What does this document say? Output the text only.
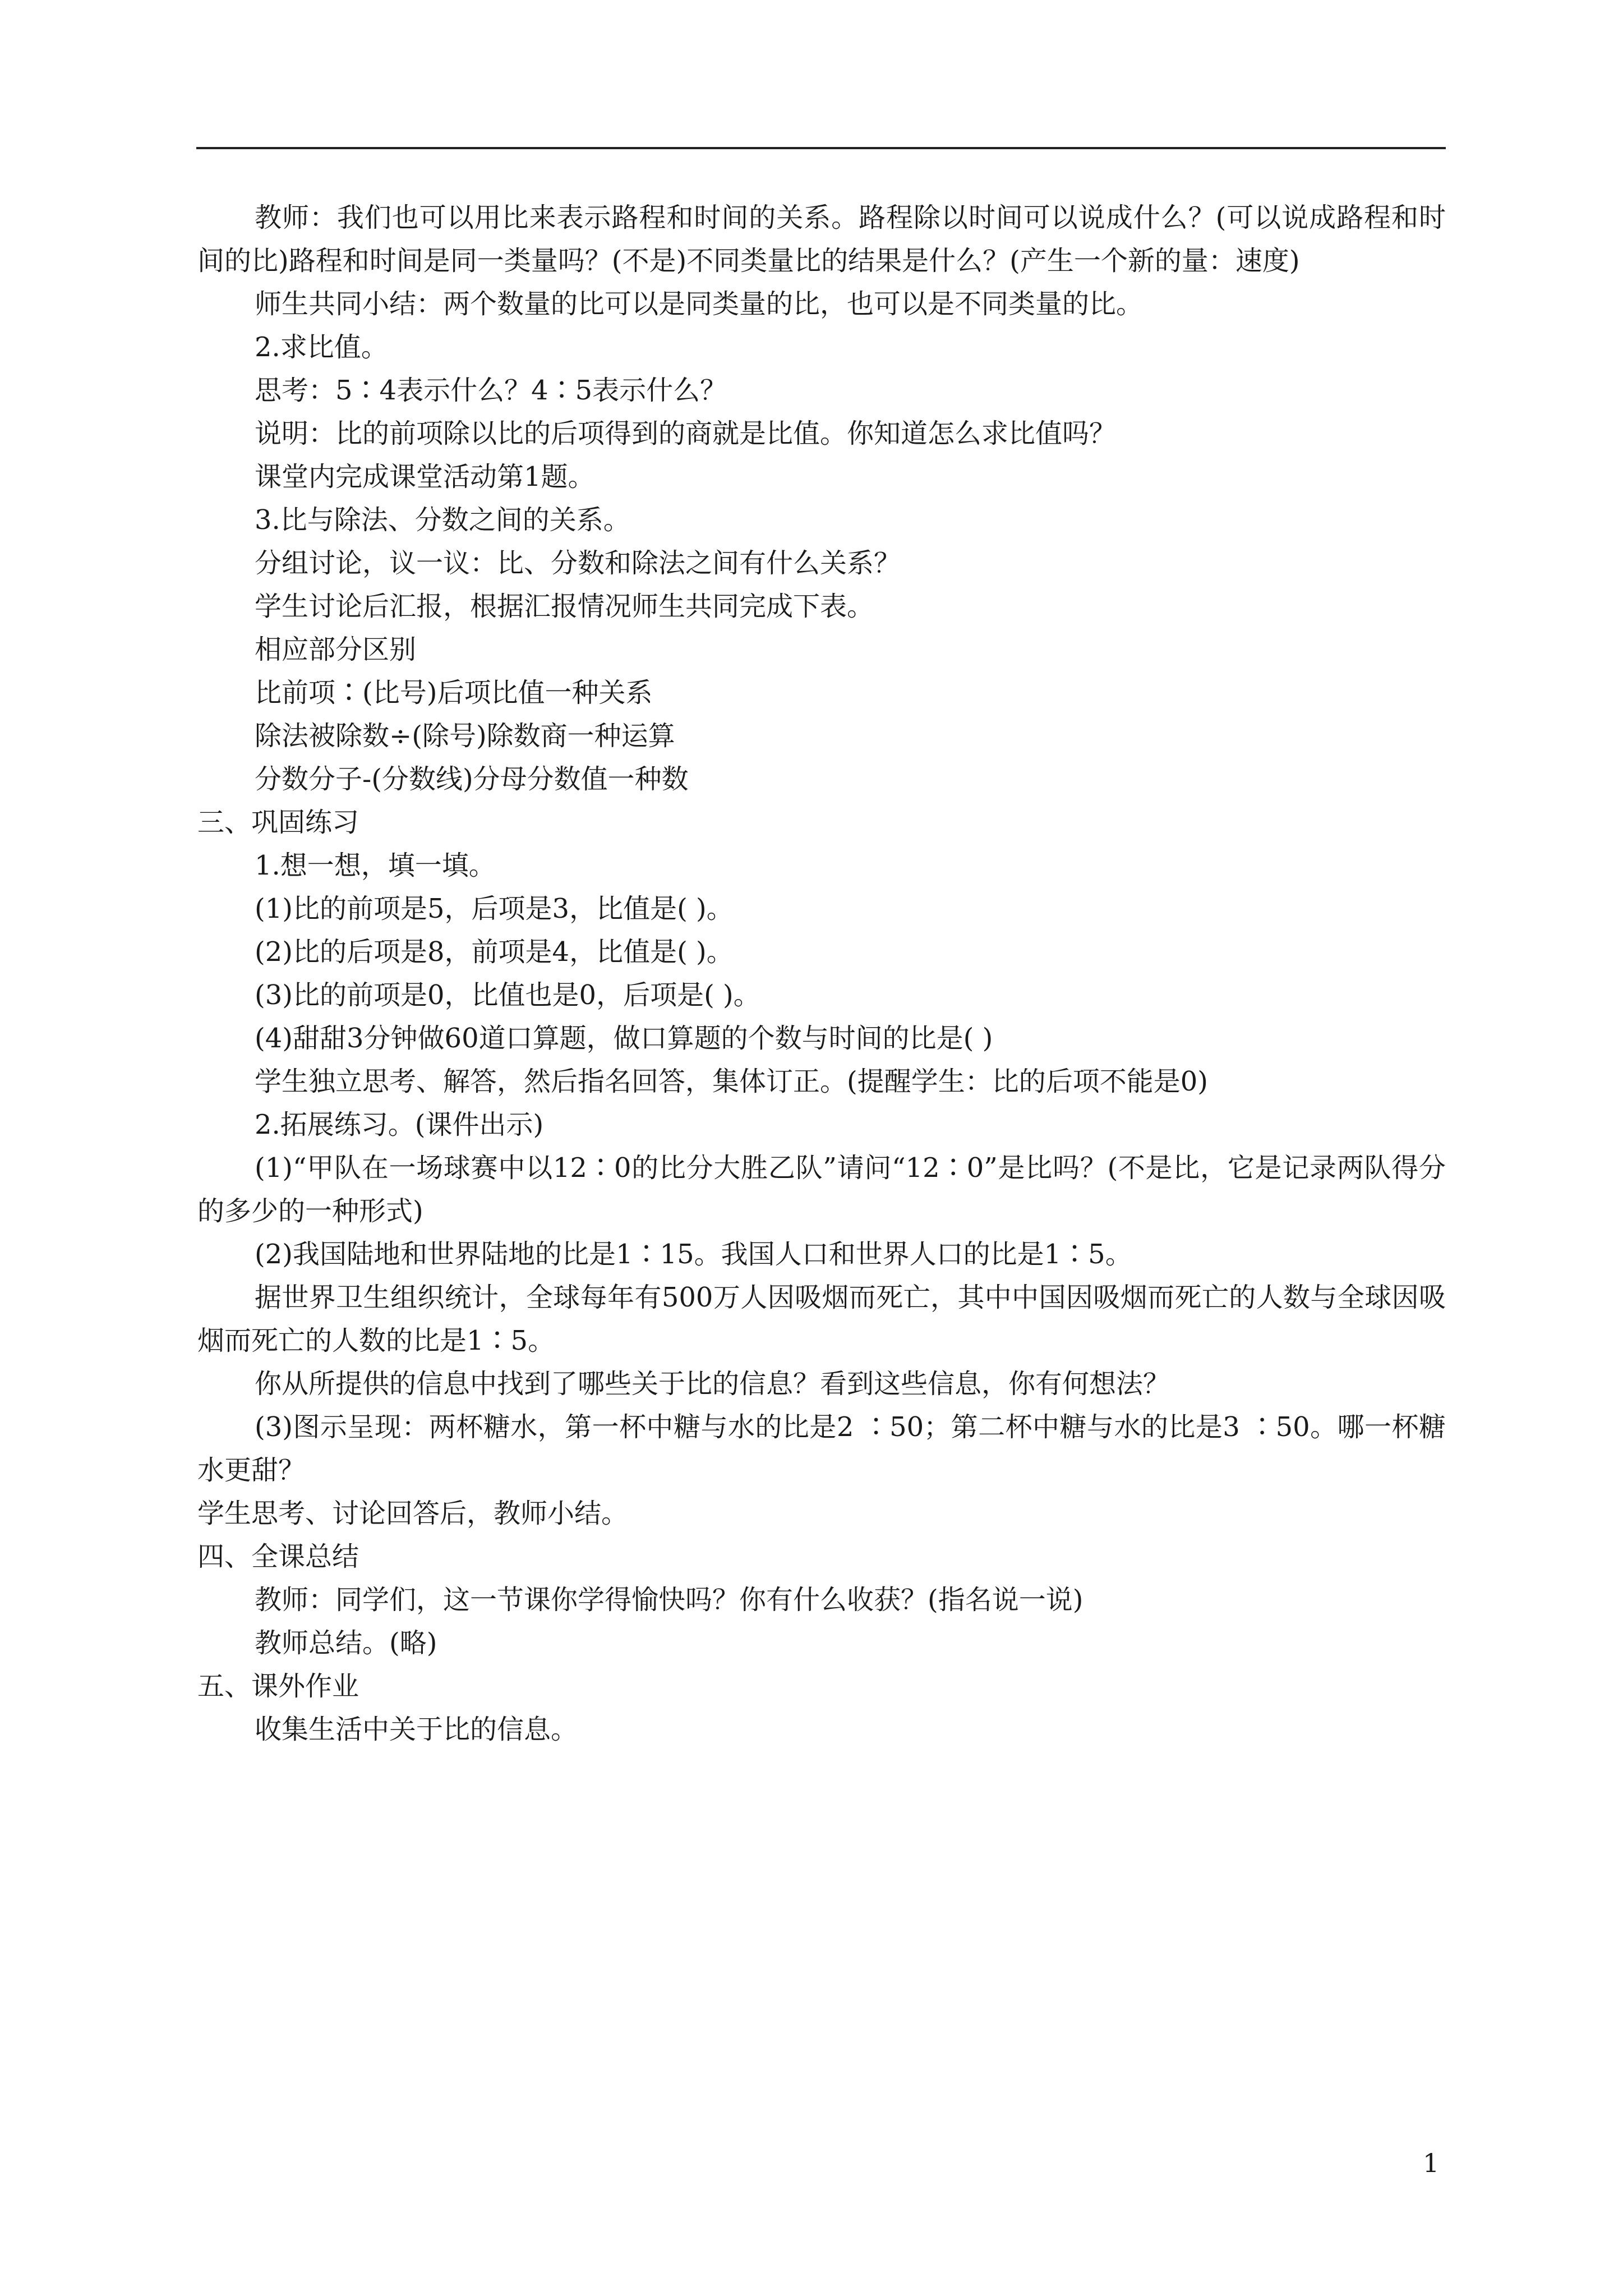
教师：我们也可以用比来表示路程和时间的关系。路程除以时间可以说成什么？(可以说成路程和时间的比)路程和时间是同一类量吗？(不是)不同类量比的结果是什么？(产生一个新的量：速度)

师生共同小结：两个数量的比可以是同类量的比，也可以是不同类量的比。

2.求比值。

思考：5∶4表示什么？4∶5表示什么？

说明：比的前项除以比的后项得到的商就是比值。你知道怎么求比值吗？

课堂内完成课堂活动第1题。

3.比与除法、分数之间的关系。

分组讨论，议一议：比、分数和除法之间有什么关系？

学生讨论后汇报，根据汇报情况师生共同完成下表。

相应部分区别

比前项∶(比号)后项比值一种关系

除法被除数÷(除号)除数商一种运算

分数分子-(分数线)分母分数值一种数

三、巩固练习

1.想一想，填一填。

(1)比的前项是5，后项是3，比值是( )。

(2)比的后项是8，前项是4，比值是( )。

(3)比的前项是0，比值也是0，后项是( )。

(4)甜甜3分钟做60道口算题，做口算题的个数与时间的比是( )

学生独立思考、解答，然后指名回答，集体订正。(提醒学生：比的后项不能是0)

2.拓展练习。(课件出示)

(1)“甲队在一场球赛中以12∶0的比分大胜乙队”请问“12∶0”是比吗？(不是比，它是记录两队得分的多少的一种形式)

(2)我国陆地和世界陆地的比是1∶15。我国人口和世界人口的比是1∶5。

据世界卫生组织统计，全球每年有500万人因吸烟而死亡，其中中国因吸烟而死亡的人数与全球因吸烟而死亡的人数的比是1∶5。

你从所提供的信息中找到了哪些关于比的信息？看到这些信息，你有何想法？

(3)图示呈现：两杯糖水，第一杯中糖与水的比是2 ∶50；第二杯中糖与水的比是3 ∶50。哪一杯糖水更甜？

学生思考、讨论回答后，教师小结。

四、全课总结

教师：同学们，这一节课你学得愉快吗？你有什么收获？(指名说一说)

教师总结。(略)

五、课外作业

收集生活中关于比的信息。

1
